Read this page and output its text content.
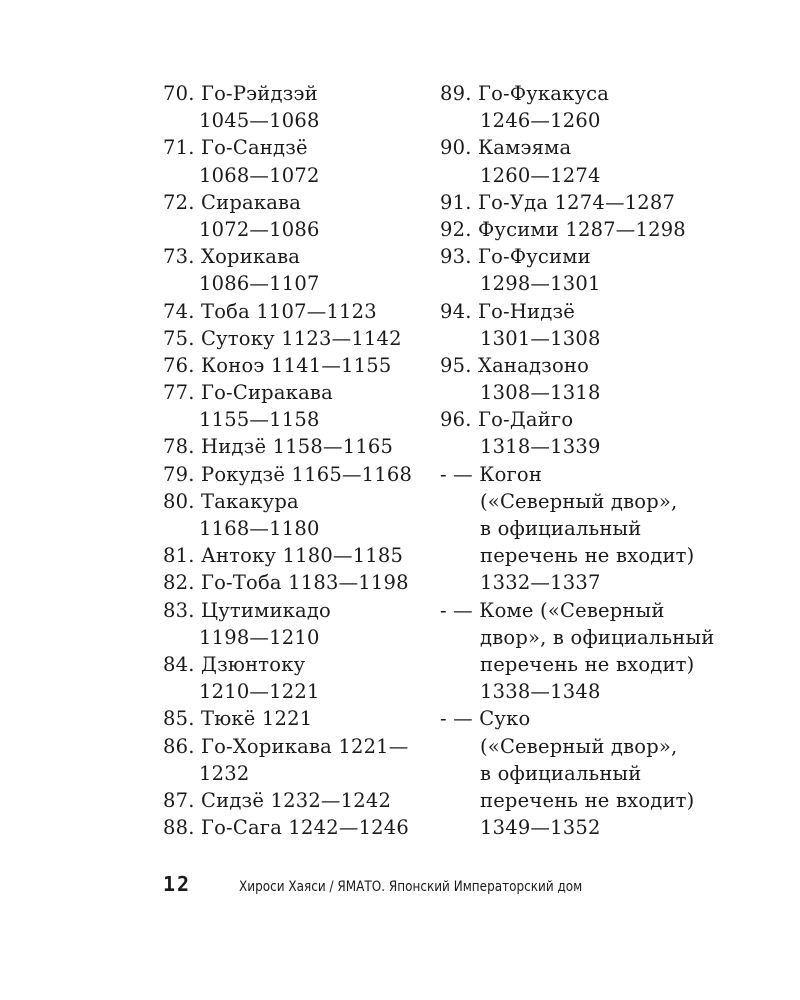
70. Го-Рэйдзэй
1045—1068
71. Го-Сандзё
1068—1072
72. Сиракава
1072—1086
73. Хорикава
1086—1107
74. Тоба 1107—1123
75. Сутоку 1123—1142
76. Коноэ 1141—1155
77. Го-Сиракава
1155—1158
78. Нидзё 1158—1165
79. Рокудзё 1165—1168
80. Такакура
1168—1180
81. Антоку 1180—1185
82. Го-Тоба 1183—1198
83. Цутимикадо
1198—1210
84. Дзюнтоку
1210—1221
85. Тюкё 1221
86. Го-Хорикава 1221—
1232
87. Сидзё 1232—1242
88. Го-Сага 1242—1246
89. Го-Фукакуса
1246—1260
90. Камэяма
1260—1274
91. Го-Уда 1274—1287
92. Фусими 1287—1298
93. Го-Фусими
1298—1301
94. Го-Нидзё
1301—1308
95. Ханадзоно
1308—1318
96. Го-Дайго
1318—1339
- — Когон
(«Северный двор»,
в официальный
перечень не входит)
1332—1337
- — Коме («Северный
двор», в официальный
перечень не входит)
1338—1348
- — Суко
(«Северный двор»,
в официальный
перечень не входит)
1349—1352
12	Хироси Хаяси / ЯМАТО. Японский Императорский дом
